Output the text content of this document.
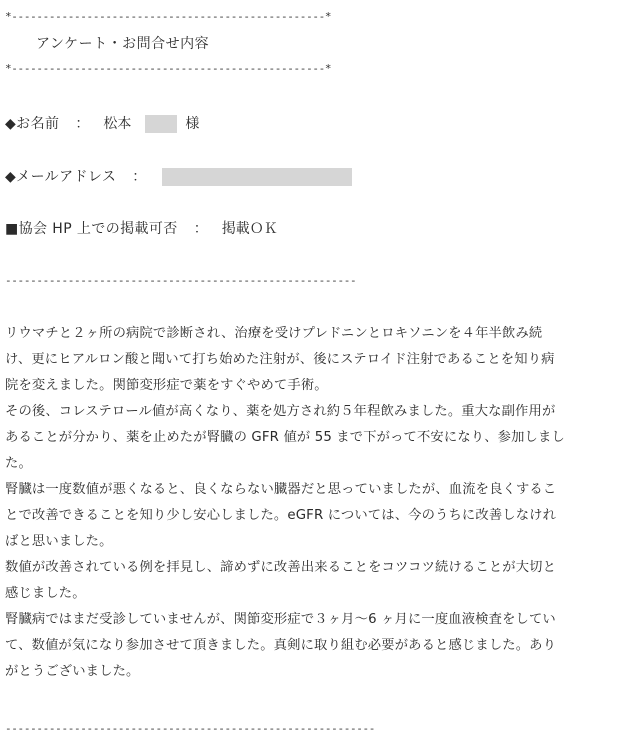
*--------------------------------------------------*
アンケート・お問合せ内容
*--------------------------------------------------*
◆お名前 ： 松本	様
◆メールアドレス ：
■協会 HP 上での掲載可否 ： 掲載ＯＫ
--------------------------------------------------------
リウマチと２ヶ所の病院で診断され、治療を受けプレドニンとロキソニンを４年半飲み続
け、更にヒアルロン酸と聞いて打ち始めた注射が、後にステロイド注射であることを知り病
院を変えました。関節変形症で薬をすぐやめて手術。
その後、コレステロール値が高くなり、薬を処方され約５年程飲みました。重大な副作用が
あることが分かり、薬を止めたが腎臓の GFR 値が 55 まで下がって不安になり、参加しまし
た。
腎臓は一度数値が悪くなると、良くならない臓器だと思っていましたが、血流を良くするこ
とで改善できることを知り少し安心しました。eGFR については、今のうちに改善しなけれ
ばと思いました。
数値が改善されている例を拝見し、諦めずに改善出来ることをコツコツ続けることが大切と
感じました。
腎臓病ではまだ受診していませんが、関節変形症で３ヶ月〜6 ヶ月に一度血液検査をしてい
て、数値が気になり参加させて頂きました。真剣に取り組む必要があると感じました。あり
がとうございました。
-----------------------------------------------------------
